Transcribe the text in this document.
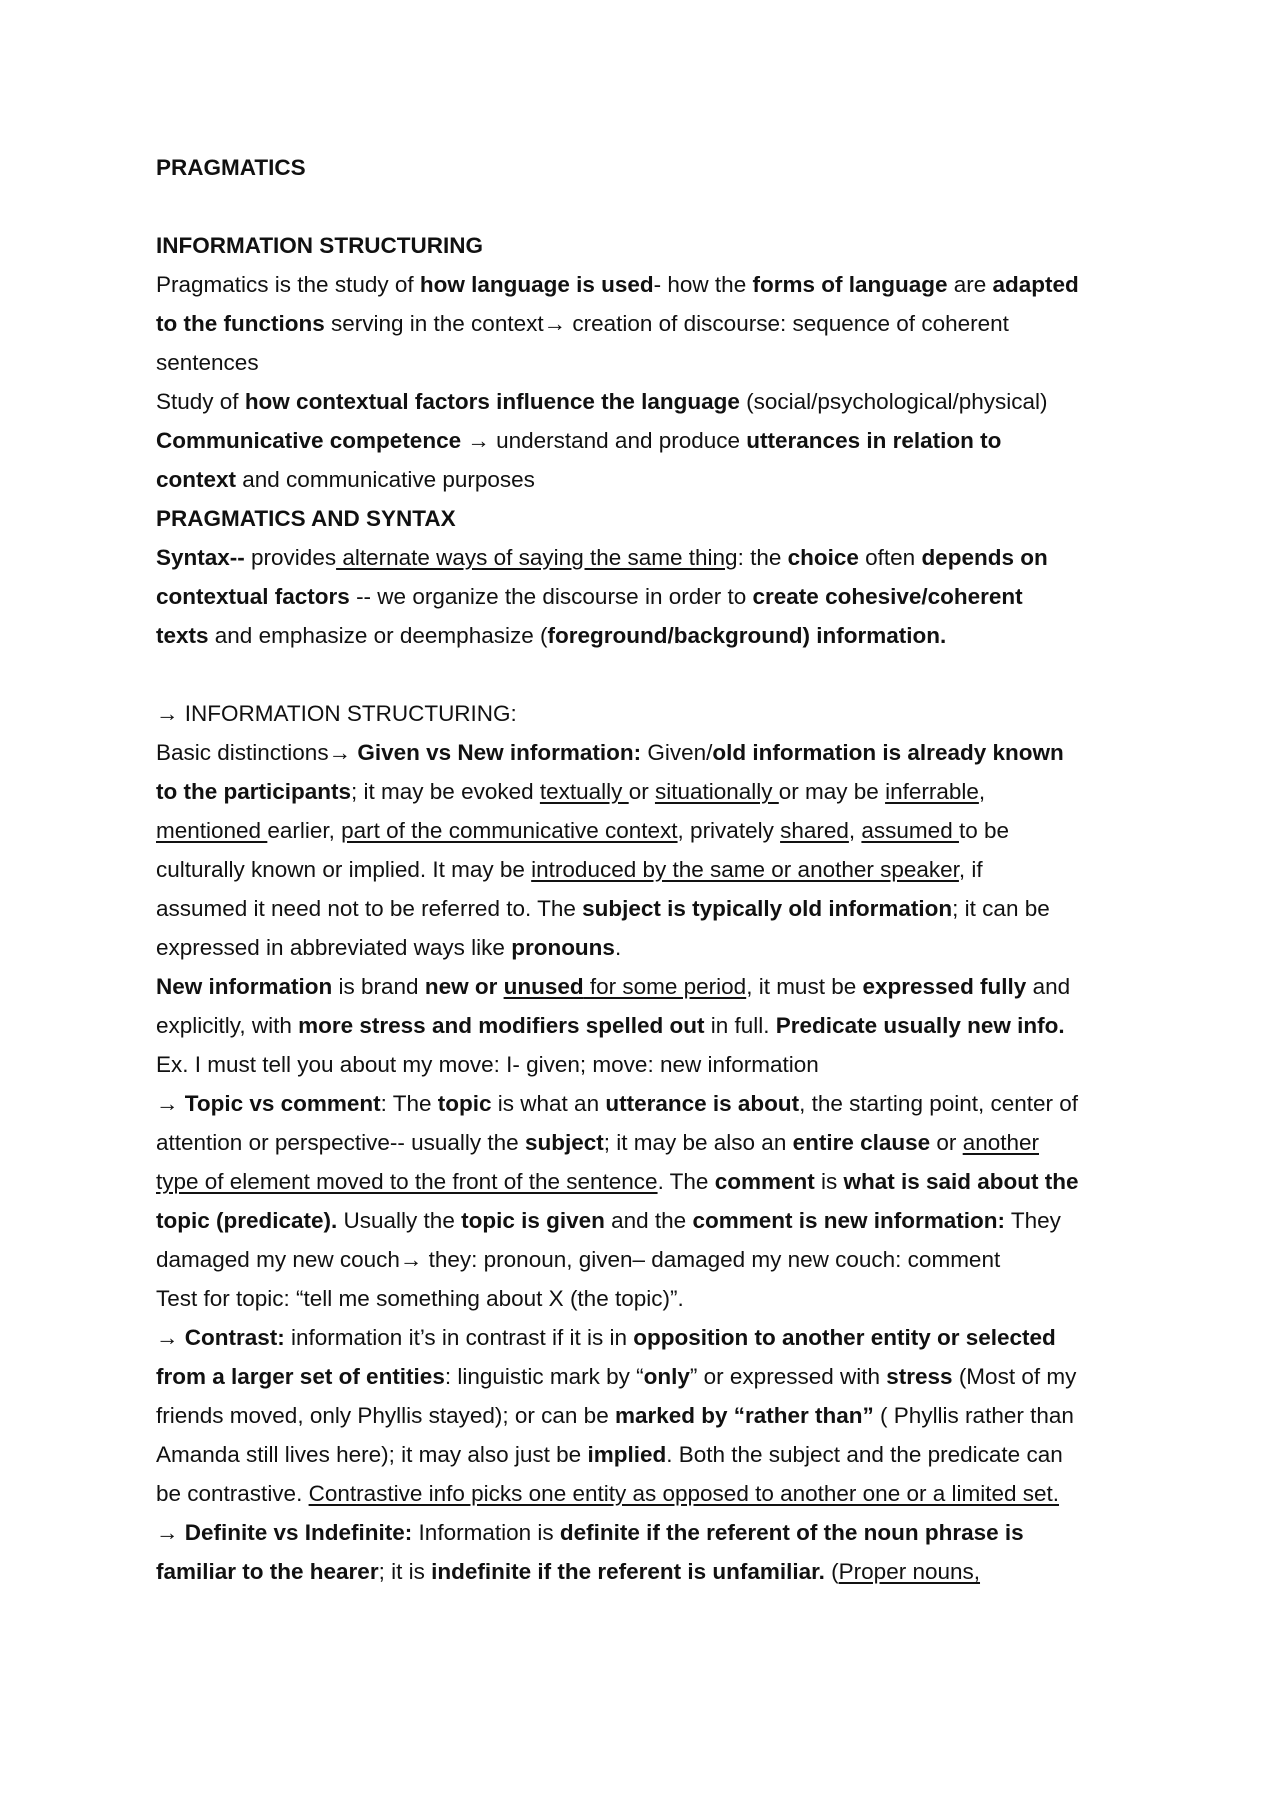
PRAGMATICS

INFORMATION STRUCTURING

Pragmatics is the study of how language is used- how the forms of language are adapted

to the functions serving in the context→ creation of discourse: sequence of coherent

sentences

Study of how contextual factors influence the language (social/psychological/physical)

Communicative competence → understand and produce utterances in relation to

context and communicative purposes

PRAGMATICS AND SYNTAX

Syntax-- provides alternate ways of saying the same thing: the choice often depends on

contextual factors -- we organize the discourse in order to create cohesive/coherent

texts and emphasize or deemphasize (foreground/background) information.

→ INFORMATION STRUCTURING:

Basic distinctions→ Given vs New information: Given/old information is already known

to the participants; it may be evoked textually or situationally or may be inferrable,

mentioned earlier, part of the communicative context, privately shared, assumed to be

culturally known or implied. It may be introduced by the same or another speaker, if

assumed it need not to be referred to. The subject is typically old information; it can be

expressed in abbreviated ways like pronouns.

New information is brand new or unused for some period, it must be expressed fully and

explicitly, with more stress and modifiers spelled out in full. Predicate usually new info.

Ex. I must tell you about my move: I- given; move: new information

→ Topic vs comment: The topic is what an utterance is about, the starting point, center of

attention or perspective-- usually the subject; it may be also an entire clause or another

type of element moved to the front of the sentence. The comment is what is said about the

topic (predicate). Usually the topic is given and the comment is new information: They

damaged my new couch→ they: pronoun, given– damaged my new couch: comment

Test for topic: “tell me something about X (the topic)”.

→ Contrast: information it’s in contrast if it is in opposition to another entity or selected

from a larger set of entities: linguistic mark by “only” or expressed with stress (Most of my

friends moved, only Phyllis stayed); or can be marked by “rather than” ( Phyllis rather than

Amanda still lives here); it may also just be implied. Both the subject and the predicate can

be contrastive. Contrastive info picks one entity as opposed to another one or a limited set.

→ Definite vs Indefinite: Information is definite if the referent of the noun phrase is

familiar to the hearer; it is indefinite if the referent is unfamiliar. (Proper nouns,
